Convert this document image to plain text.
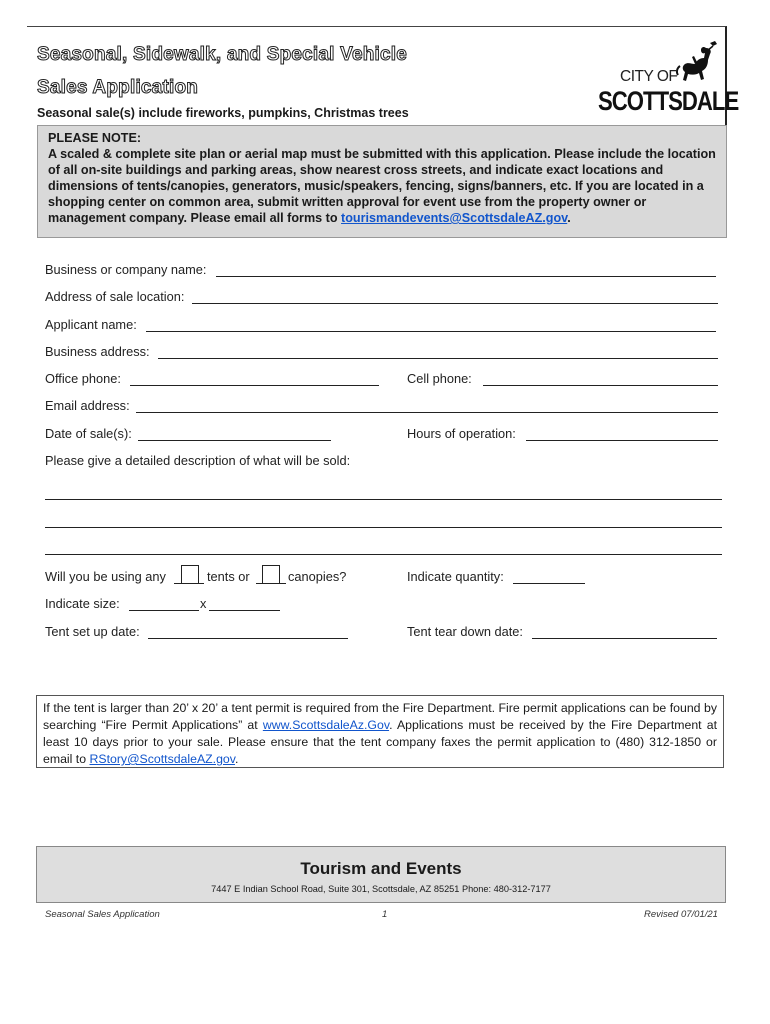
Seasonal, Sidewalk, and Special Vehicle
Sales Application
Seasonal sale(s) include fireworks, pumpkins, Christmas trees
CITY OF
SCOTTSDALE
PLEASE NOTE:
A scaled & complete site plan or aerial map must be submitted with this application. Please include the location of all on-site buildings and parking areas, show nearest cross streets, and indicate exact locations and dimensions of tents/canopies, generators, music/speakers, fencing, signs/banners, etc. If you are located in a shopping center on common area, submit written approval for event use from the property owner or management company. Please email all forms to tourismandevents@ScottsdaleAZ.gov.
Business or company name:
Address of sale location:
Applicant name:
Business address:
Office phone:	Cell phone:
Email address:
Date of sale(s):	Hours of operation:
Please give a detailed description of what will be sold:
Will you be using any	tents or	canopies?	Indicate quantity:
Indicate size:	x
Tent set up date:	Tent tear down date:
If the tent is larger than 20’ x 20’ a tent permit is required from the Fire Department. Fire permit applications can be found by searching “Fire Permit Applications” at www.ScottsdaleAz.Gov. Applications must be received by the Fire Department at least 10 days prior to your sale. Please ensure that the tent company faxes the permit application to (480) 312-1850 or email to RStory@ScottsdaleAZ.gov.
Tourism and Events
7447 E Indian School Road, Suite 301, Scottsdale, AZ 85251 Phone: 480-312-7177
Seasonal Sales Application	1	Revised 07/01/21
